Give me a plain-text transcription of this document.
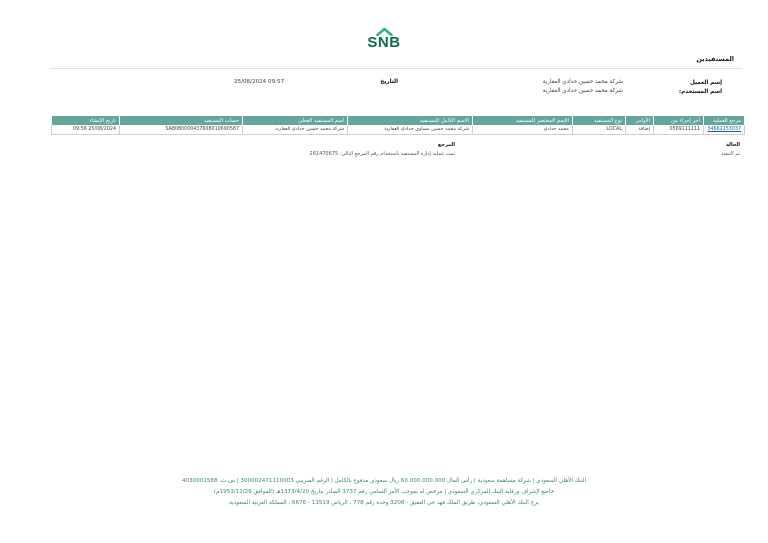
SNB
المستفيدين
إسم العميل
شركة محمد حسين حدادي العقارية
اسم المستخدم:
شركة محمد حسين حدادي العقارية
التاريخ
25/08/2024 09:57
مرجع العملية	آخر إجراء من	الأوامر	نوع المستفيد	الإسم المختصر للمستفيد	الاسم الكامل للمستفيد	اسم المستفيد الفعلي	حساب المستفيد	تاريخ الإنشاء
34662153037	0569111111	إضافة	LOCAL	محمد حدادي	شركة محمد حسين مساوى حدادي العقارية	شركة محمد حسين حدادي العقارية	SA8080000437608010690587	25/08/2024 09:56
الحالة
تم التنفيذ
المرجع
تمت عملية إدارة المستفيد باستخدام رقم المرجع التالي: 261470675
البنك الأهلي السعودي | شركة مساهمة سعودية | رأس المال 60.000.000.000 ريال سعودي مدفوع بالكامل | الرقم الضريبي 300002471110003 | س.ت. 4030001588
خاضع لإشراف ورقابة البنك المركزي السعودي | مرخص له بموجب الأمر السامي رقم 3737 الصادر بتاريخ 1373/4/20هـ (الموافق 1953/12/26م)
برج البنك الأهلي السعودي، طريق الملك فهد حي العقيق - 3208 وحدة رقم 778 ، الرياض 13519 - 6676 ، المملكة العربية السعودية
